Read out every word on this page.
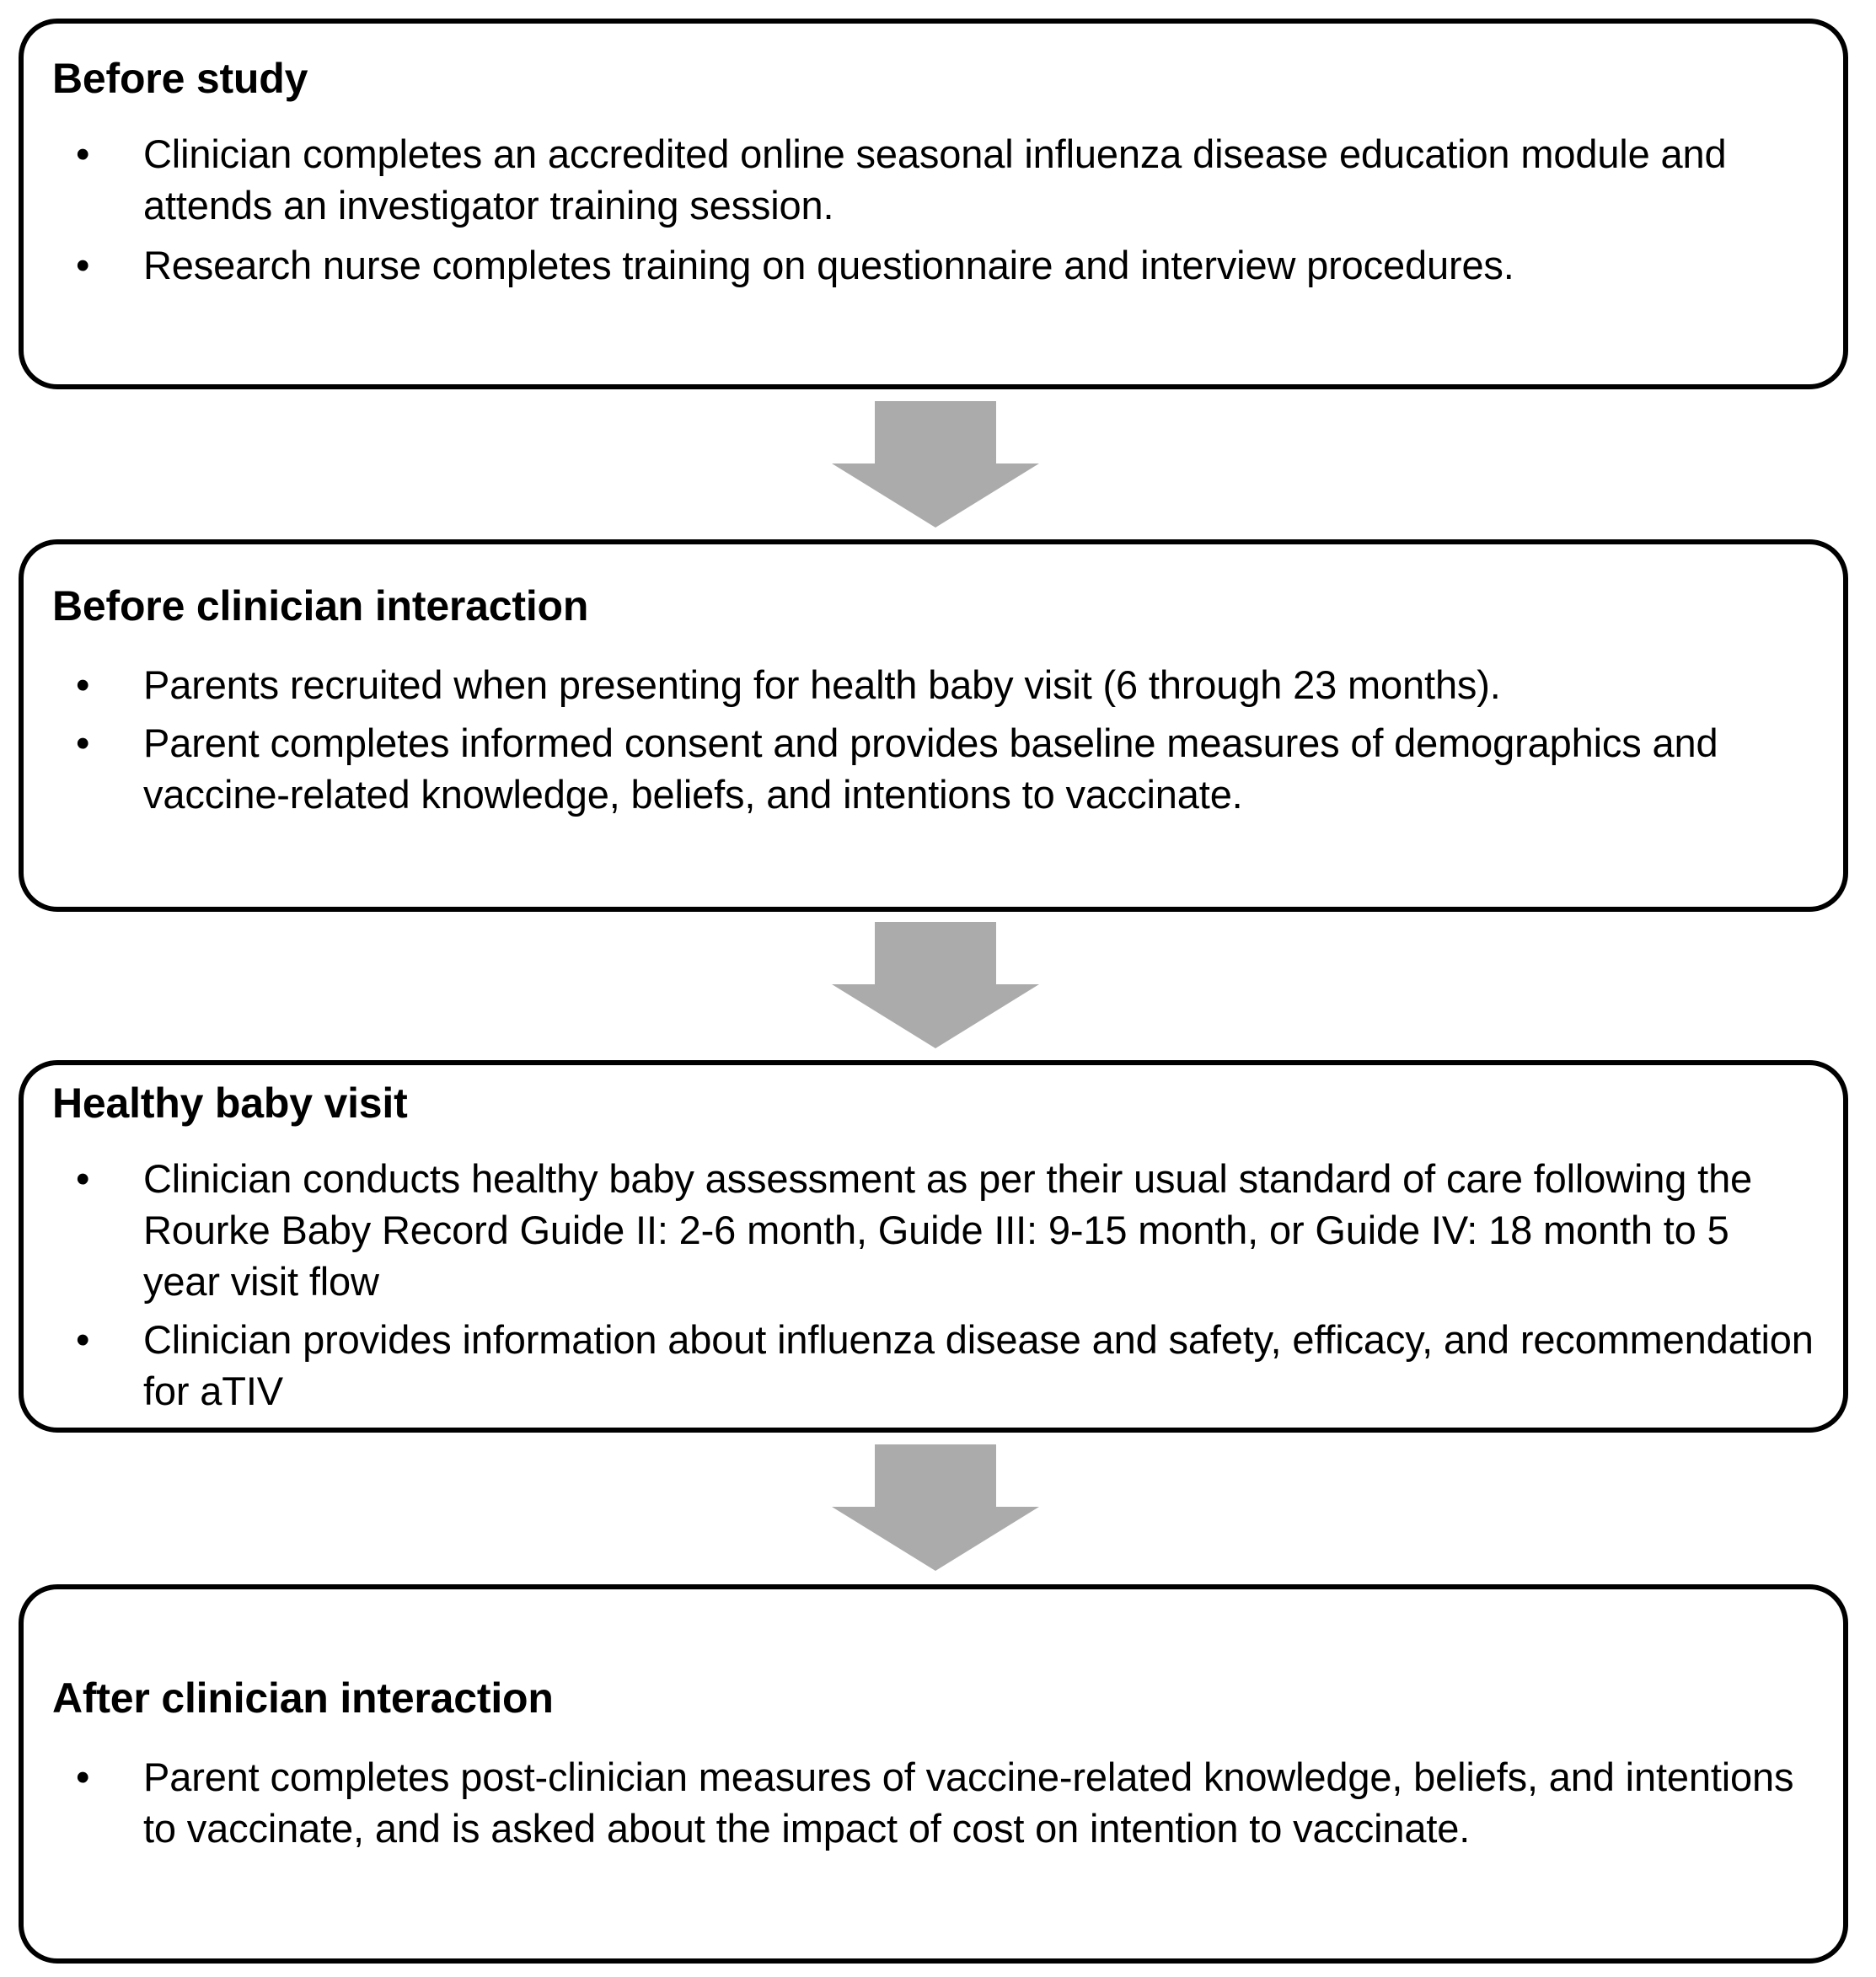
Before study
• Clinician completes an accredited online seasonal influenza disease education module and attends an investigator training session.
• Research nurse completes training on questionnaire and interview procedures.
Before clinician interaction
• Parents recruited when presenting for health baby visit (6 through 23 months).
• Parent completes informed consent and provides baseline measures of demographics and vaccine-related knowledge, beliefs, and intentions to vaccinate.
Healthy baby visit
• Clinician conducts healthy baby assessment as per their usual standard of care following the Rourke Baby Record Guide II: 2-6 month, Guide III: 9-15 month, or Guide IV: 18 month to 5 year visit flow
• Clinician provides information about influenza disease and safety, efficacy, and recommendation for aTIV
After clinician interaction
• Parent completes post-clinician measures of vaccine-related knowledge, beliefs, and intentions to vaccinate, and is asked about the impact of cost on intention to vaccinate.
